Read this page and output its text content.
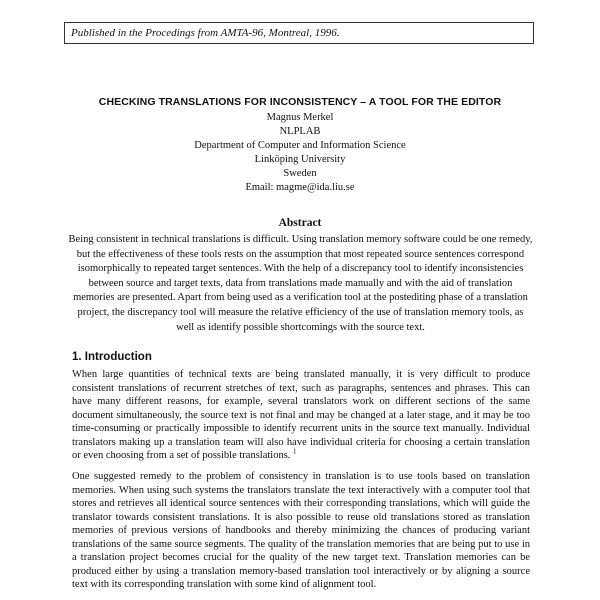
Published in the Procedings from AMTA-96, Montreal, 1996.
CHECKING TRANSLATIONS FOR INCONSISTENCY – A TOOL FOR THE EDITOR
Magnus Merkel
NLPLAB
Department of Computer and Information Science
Linköping University
Sweden
Email: magme@ida.liu.se
Abstract
Being consistent in technical translations is difficult. Using translation memory software could be one remedy, but the effectiveness of these tools rests on the assumption that most repeated source sentences correspond isomorphically to repeated target sentences. With the help of a discrepancy tool to identify inconsistencies between source and target texts, data from translations made manually and with the aid of translation memories are presented. Apart from being used as a verification tool at the postediting phase of a translation project, the discrepancy tool will measure the relative efficiency of the use of translation memory tools, as well as identify possible shortcomings with the source text.
1. Introduction
When large quantities of technical texts are being translated manually, it is very difficult to produce consistent translations of recurrent stretches of text, such as paragraphs, sentences and phrases. This can have many different reasons, for example, several translators work on different sections of the same document simultaneously, the source text is not final and may be changed at a later stage, and it may be too time-consuming or practically impossible to identify recurrent units in the source text manually. Individual translators making up a translation team will also have individual criteria for choosing a certain translation or even choosing from a set of possible translations. $^1$
One suggested remedy to the problem of consistency in translation is to use tools based on translation memories. When using such systems the translators translate the text interactively with a computer tool that stores and retrieves all identical source sentences with their corresponding translations, which will guide the translator towards consistent translations. It is also possible to reuse old translations stored as translation memories of previous versions of handbooks and thereby minimizing the chances of producing variant translations of the same source segments. The quality of the translation memories that are being put to use in a translation project becomes crucial for the quality of the new target text. Translation memories can be produced either by using a translation memory-based translation tool interactively or by aligning a source text with its corresponding translation with some kind of alignment tool.
